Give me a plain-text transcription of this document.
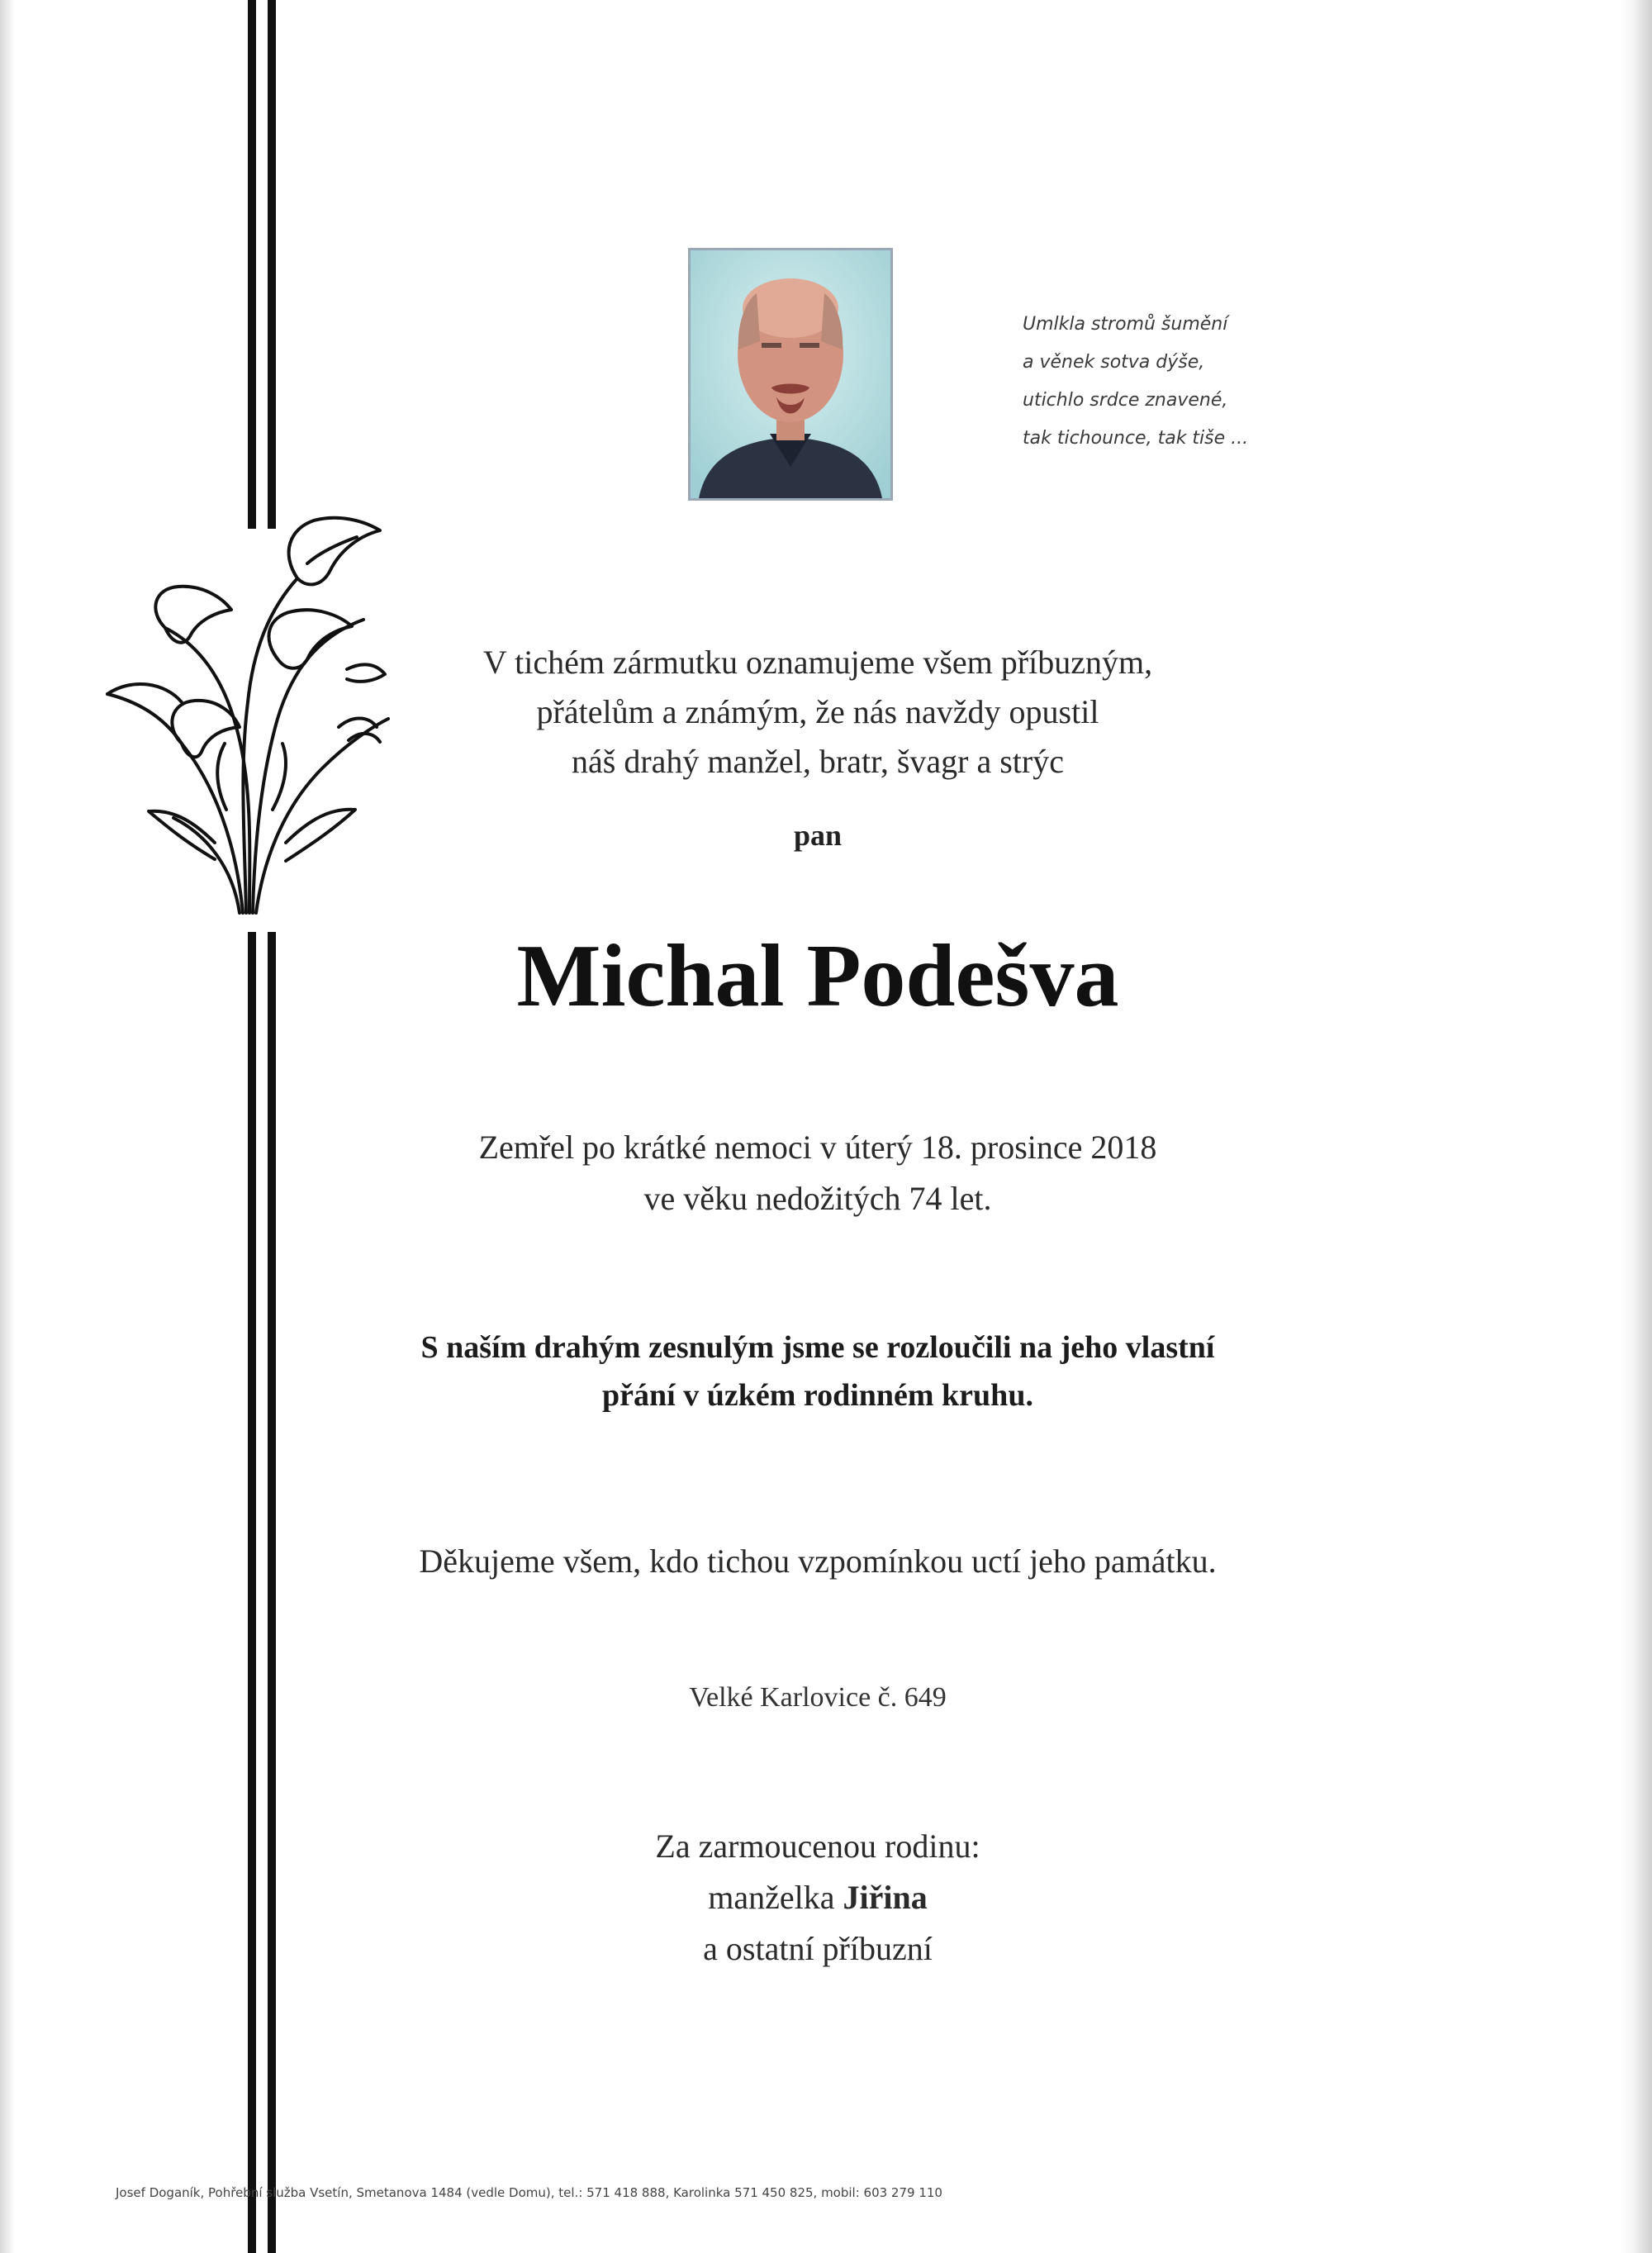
Umlkla stromů šumění
a věnek sotva dýše,
utichlo srdce znavené,
tak tichounce, tak tiše ...

V tichém zármutku oznamujeme všem příbuzným,
přátelům a známým, že nás navždy opustil
náš drahý manžel, bratr, švagr a strýc

pan

Michal Podešva

Zemřel po krátké nemoci v úterý 18. prosince 2018
ve věku nedožitých 74 let.

S naším drahým zesnulým jsme se rozloučili na jeho vlastní
přání v úzkém rodinném kruhu.

Děkujeme všem, kdo tichou vzpomínkou uctí jeho památku.

Velké Karlovice č. 649

Za zarmoucenou rodinu:
manželka Jiřina
a ostatní příbuzní

Josef Doganík, Pohřební služba Vsetín, Smetanova 1484 (vedle Domu), tel.: 571 418 888, Karolinka 571 450 825, mobil: 603 279 110
